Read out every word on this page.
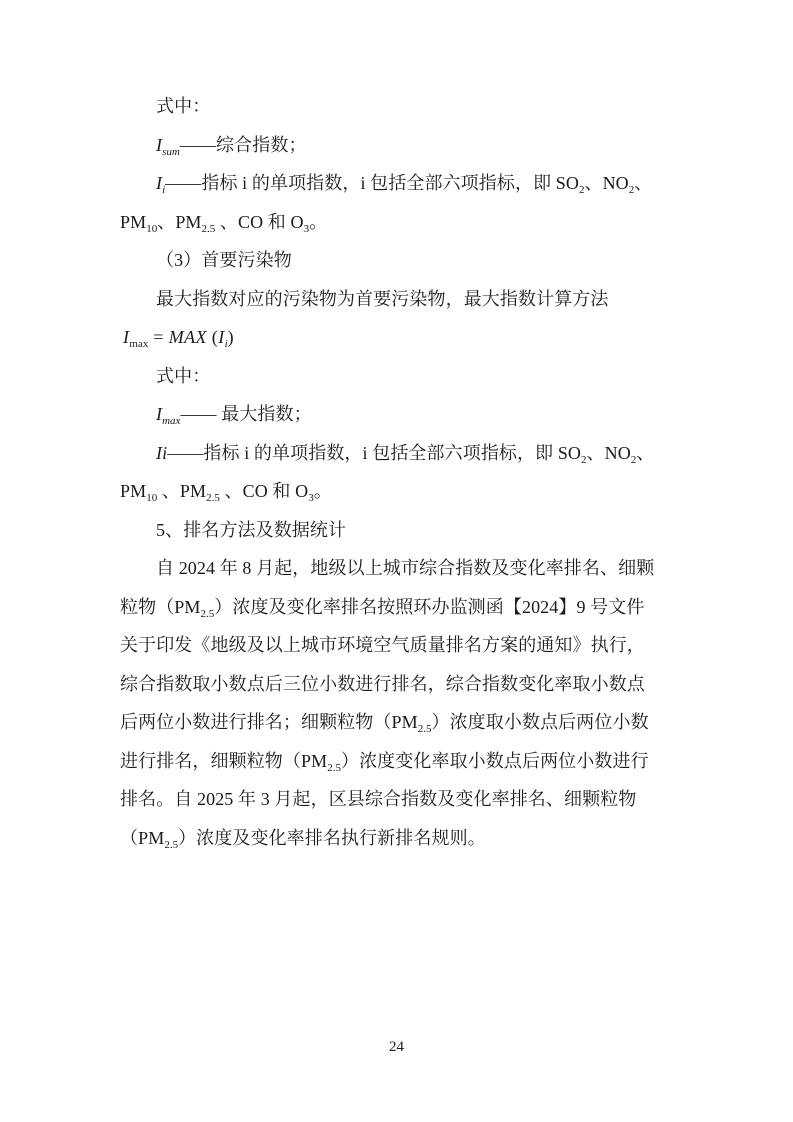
式中：
$I_{sum}——$综合指数；
$I_i——$指标 i 的单项指数，i 包括全部六项指标，即 $SO_2$、$NO_2$、
$PM_{10}$、$PM_{2.5}$ 、CO 和 $O_3$。
（3）首要污染物
最大指数对应的污染物为首要污染物，最大指数计算方法
$I_{max}$ = MAX $(I_i)$
式中：
$I_{max}——$ 最大指数；
Ii——指标 i 的单项指数，i 包括全部六项指标，即 $SO_2$、$NO_2$、
$PM_{10}$ 、$PM_{2.5}$ 、CO 和 $O_3$。
5、排名方法及数据统计
自 2024 年 8 月起，地级以上城市综合指数及变化率排名、细颗
粒物$(PM_{2.5})$浓度及变化率排名按照环办监测函【2024】9 号文件
关于印发《地级及以上城市环境空气质量排名方案的通知》执行，
综合指数取小数点后三位小数进行排名，综合指数变化率取小数点
后两位小数进行排名；细颗粒物$(PM_{2.5})$浓度取小数点后两位小数
进行排名，细颗粒物$(PM_{2.5})$浓度变化率取小数点后两位小数进行
排名。自 2025 年 3 月起，区县综合指数及变化率排名、细颗粒物
$(PM_{2.5})$浓度及变化率排名执行新排名规则。
24
